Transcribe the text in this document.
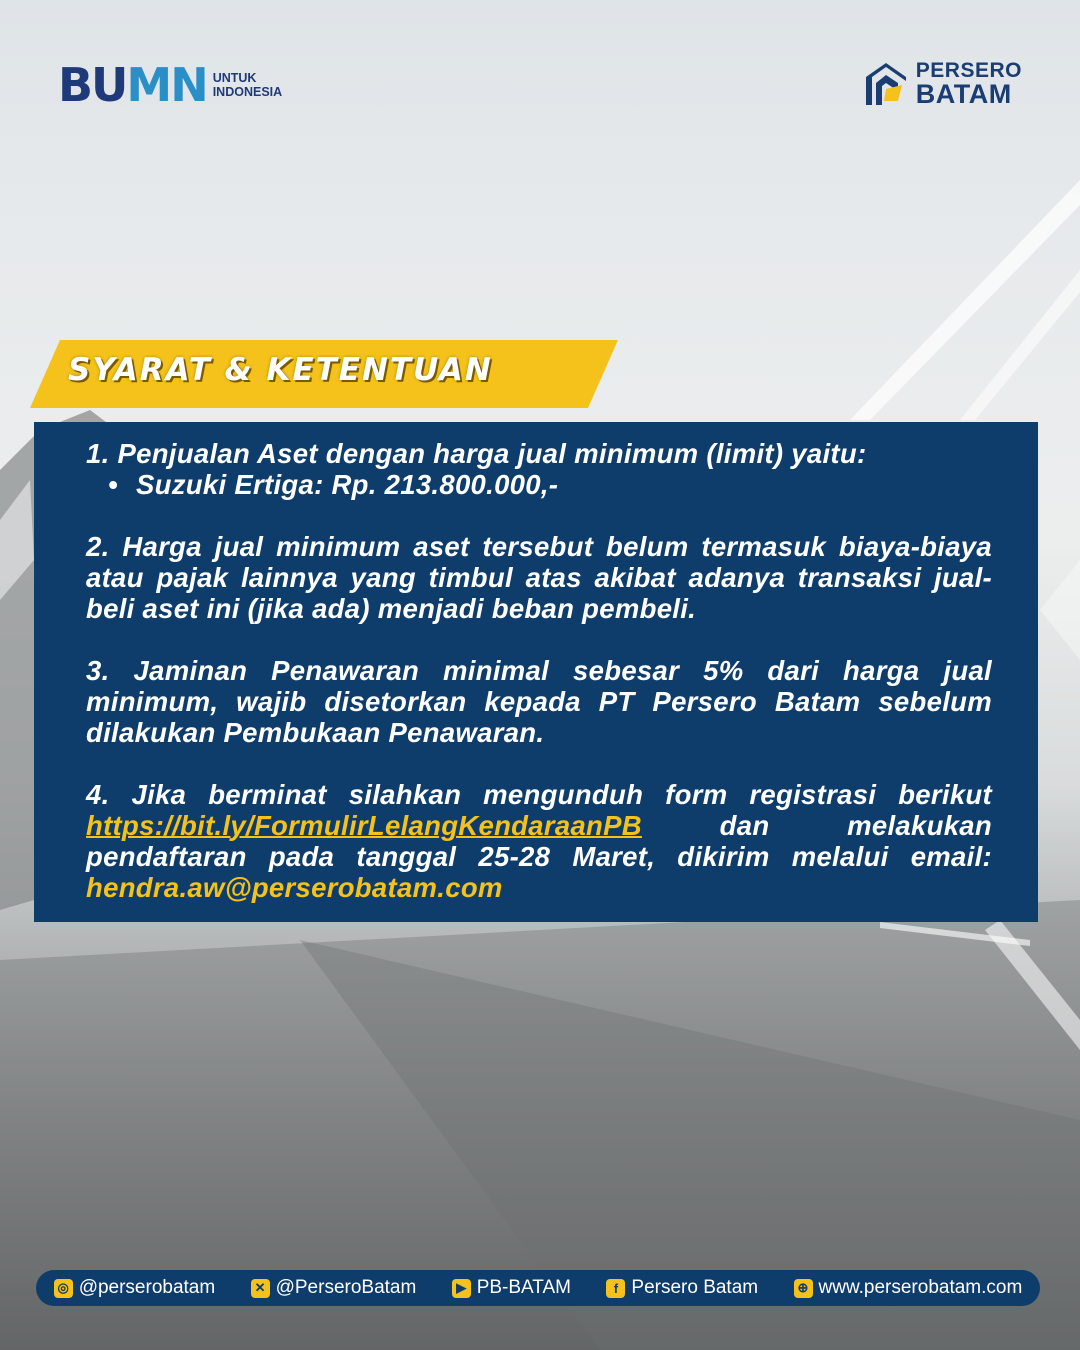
BUMN UNTUK
INDONESIA
PERSERO
BATAM
SYARAT & KETENTUAN

1. Penjualan Aset dengan harga jual minimum (limit) yaitu:

• Suzuki Ertiga: Rp. 213.800.000,-

2. Harga jual minimum aset tersebut belum termasuk biaya-biaya atau pajak lainnya yang timbul atas akibat adanya transaksi jual-beli aset ini (jika ada) menjadi beban pembeli.

3. Jaminan Penawaran minimal sebesar 5% dari harga jual minimum, wajib disetorkan kepada PT Persero Batam sebelum dilakukan Pembukaan Penawaran.

4. Jika berminat silahkan mengunduh form registrasi berikut https://bit.ly/FormulirLelangKendaraanPB dan melakukan pendaftaran pada tanggal 25-28 Maret, dikirim melalui email: hendra.aw@perserobatam.com

◎ @perserobatam	✕ @PerseroBatam	▶ PB-BATAM	f Persero Batam	⊕ www.perserobatam.com
